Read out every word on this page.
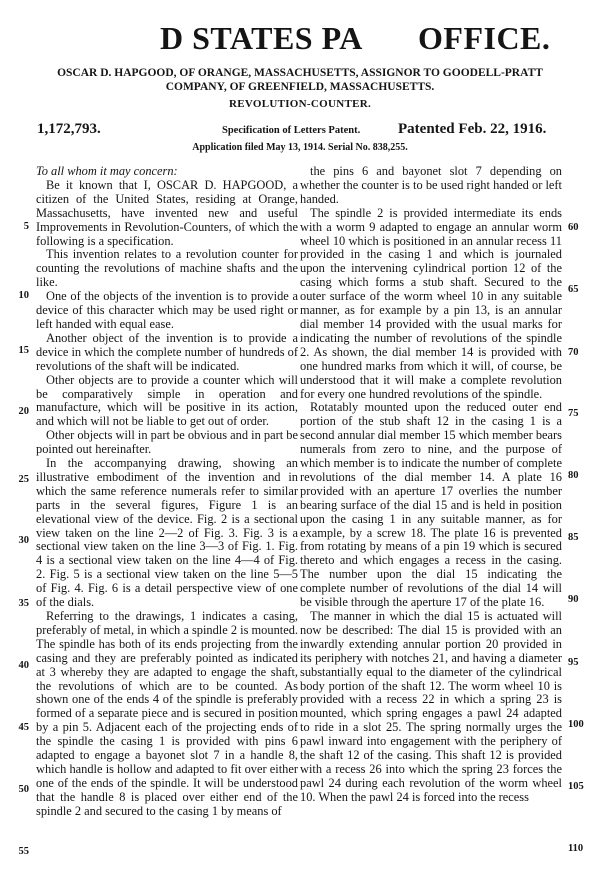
D STATES PA OFFICE.
OSCAR D. HAPGOOD, OF ORANGE, MASSACHUSETTS, ASSIGNOR TO GOODELL-PRATT
COMPANY, OF GREENFIELD, MASSACHUSETTS.
REVOLUTION-COUNTER.
1,172,793.	Specification of Letters Patent.	Patented Feb. 22, 1916.
Application filed May 13, 1914. Serial No. 838,255.

To all whom it may concern:

Be it known that I, OSCAR D. HAPGOOD, a citizen of the United States, residing at Orange, Massachusetts, have invented new and useful Improvements in Revolution-Counters, of which the following is a specification.

This invention relates to a revolution counter for counting the revolutions of machine shafts and the like.

One of the objects of the invention is to provide a device of this character which may be used right or left handed with equal ease.

Another object of the invention is to provide a device in which the complete number of hundreds of revolutions of the shaft will be indicated.

Other objects are to provide a counter which will be comparatively simple in operation and manufacture, which will be positive in its action, and which will not be liable to get out of order.

Other objects will in part be obvious and in part be pointed out hereinafter.

In the accompanying drawing, showing an illustrative embodiment of the invention and in which the same reference numerals refer to similar parts in the several figures, Figure 1 is an elevational view of the device. Fig. 2 is a sectional view taken on the line 2—2 of Fig. 3. Fig. 3 is a sectional view taken on the line 3—3 of Fig. 1. Fig. 4 is a sectional view taken on the line 4—4 of Fig. 2. Fig. 5 is a sectional view taken on the line 5—5 of Fig. 4. Fig. 6 is a detail perspective view of one of the dials.

Referring to the drawings, 1 indicates a casing, preferably of metal, in which a spindle 2 is mounted. The spindle has both of its ends projecting from the casing and they are preferably pointed as indicated at 3 whereby they are adapted to engage the shaft, the revolutions of which are to be counted. As shown one of the ends 4 of the spindle is preferably formed of a separate piece and is secured in position by a pin 5. Adjacent each of the projecting ends of the spindle the casing 1 is provided with pins 6 adapted to engage a bayonet slot 7 in a handle 8, which handle is hollow and adapted to fit over either one of the ends of the spindle. It will be understood that the handle 8 is placed over either end of the spindle 2 and secured to the casing 1 by means of

the pins 6 and bayonet slot 7 depending on whether the counter is to be used right handed or left handed.

The spindle 2 is provided intermediate its ends with a worm 9 adapted to engage an annular worm wheel 10 which is positioned in an annular recess 11 provided in the casing 1 and which is journaled upon the intervening cylindrical portion 12 of the casing which forms a stub shaft. Secured to the outer surface of the worm wheel 10 in any suitable manner, as for example by a pin 13, is an annular dial member 14 provided with the usual marks for indicating the number of revolutions of the spindle 2. As shown, the dial member 14 is provided with one hundred marks from which it will, of course, be understood that it will make a complete revolution for every one hundred revolutions of the spindle.

Rotatably mounted upon the reduced outer end portion of the stub shaft 12 in the casing 1 is a second annular dial member 15 which member bears numerals from zero to nine, and the purpose of which member is to indicate the number of complete revolutions of the dial member 14. A plate 16 provided with an aperture 17 overlies the number bearing surface of the dial 15 and is held in position upon the casing 1 in any suitable manner, as for example, by a screw 18. The plate 16 is prevented from rotating by means of a pin 19 which is secured thereto and which engages a recess in the casing. The number upon the dial 15 indicating the complete number of revolutions of the dial 14 will be visible through the aperture 17 of the plate 16.

The manner in which the dial 15 is actuated will now be described: The dial 15 is provided with an inwardly extending annular portion 20 provided in its periphery with notches 21, and having a diameter substantially equal to the diameter of the cylindrical body portion of the shaft 12. The worm wheel 10 is provided with a recess 22 in which a spring 23 is mounted, which spring engages a pawl 24 adapted to ride in a slot 25. The spring normally urges the pawl inward into engagement with the periphery of the shaft 12 of the casing. This shaft 12 is provided with a recess 26 into which the spring 23 forces the pawl 24 during each revolution of the worm wheel 10. When the pawl 24 is forced into the recess

5
10
15
20
25
30
35
40
45
50
55
60
65
70
75
80
85
90
95
100
105
110
